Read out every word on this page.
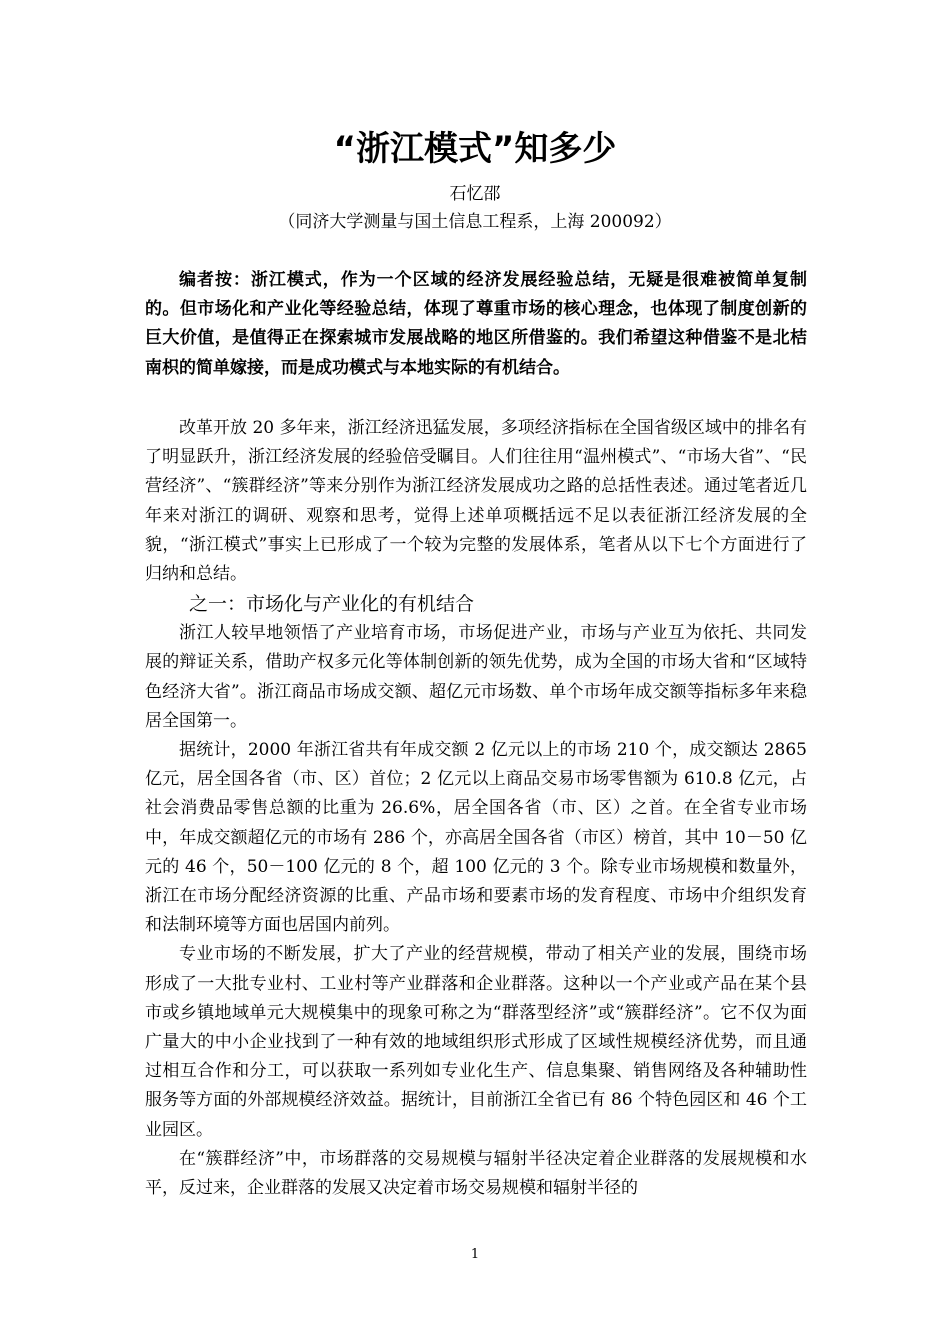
“浙江模式”知多少

石忆邵

（同济大学测量与国土信息工程系，上海 200092）

编者按：浙江模式，作为一个区域的经济发展经验总结，无疑是很难被简单复制的。但市场化和产业化等经验总结，体现了尊重市场的核心理念，也体现了制度创新的巨大价值，是值得正在探索城市发展战略的地区所借鉴的。我们希望这种借鉴不是北桔南枳的简单嫁接，而是成功模式与本地实际的有机结合。

改革开放 20 多年来，浙江经济迅猛发展，多项经济指标在全国省级区域中的排名有了明显跃升，浙江经济发展的经验倍受瞩目。人们往往用“温州模式”、“市场大省”、“民营经济”、“簇群经济”等来分别作为浙江经济发展成功之路的总括性表述。通过笔者近几年来对浙江的调研、观察和思考，觉得上述单项概括远不足以表征浙江经济发展的全貌，“浙江模式”事实上已形成了一个较为完整的发展体系，笔者从以下七个方面进行了归纳和总结。

之一：市场化与产业化的有机结合

浙江人较早地领悟了产业培育市场，市场促进产业，市场与产业互为依托、共同发展的辩证关系，借助产权多元化等体制创新的领先优势，成为全国的市场大省和“区域特色经济大省”。浙江商品市场成交额、超亿元市场数、单个市场年成交额等指标多年来稳居全国第一。

据统计，2000 年浙江省共有年成交额 2 亿元以上的市场 210 个，成交额达 2865 亿元，居全国各省（市、区）首位；2 亿元以上商品交易市场零售额为 610.8 亿元，占社会消费品零售总额的比重为 26.6%，居全国各省（市、区）之首。在全省专业市场中，年成交额超亿元的市场有 286 个，亦高居全国各省（市区）榜首，其中 10－50 亿元的 46 个，50－100 亿元的 8 个，超 100 亿元的 3 个。除专业市场规模和数量外，浙江在市场分配经济资源的比重、产品市场和要素市场的发育程度、市场中介组织发育和法制环境等方面也居国内前列。

专业市场的不断发展，扩大了产业的经营规模，带动了相关产业的发展，围绕市场形成了一大批专业村、工业村等产业群落和企业群落。这种以一个产业或产品在某个县市或乡镇地域单元大规模集中的现象可称之为“群落型经济”或“簇群经济”。它不仅为面广量大的中小企业找到了一种有效的地域组织形式形成了区域性规模经济优势，而且通过相互合作和分工，可以获取一系列如专业化生产、信息集聚、销售网络及各种辅助性服务等方面的外部规模经济效益。据统计，目前浙江全省已有 86 个特色园区和 46 个工业园区。

在“簇群经济”中，市场群落的交易规模与辐射半径决定着企业群落的发展规模和水平，反过来，企业群落的发展又决定着市场交易规模和辐射半径的

1
